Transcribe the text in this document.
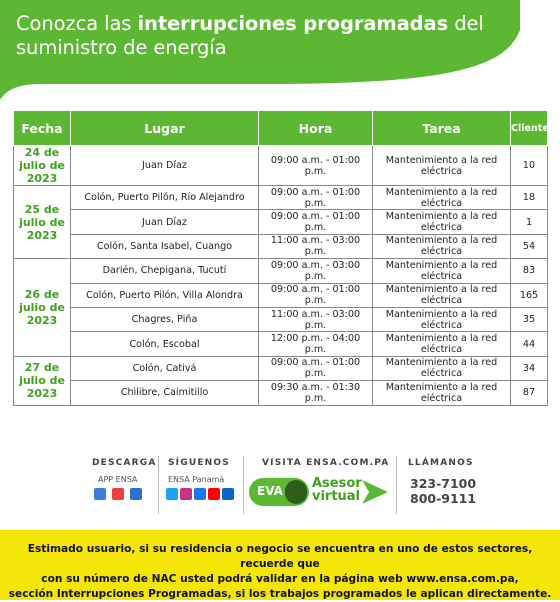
Conozca las interrupciones programadas del
suministro de energía
Fecha	Lugar	Hora	Tarea	Clientes
24 de julio de 2023	Juan Díaz	09:00 a.m. - 01:00 p.m.	Mantenimiento a la red eléctrica	10
25 de julio de 2023	Colón, Puerto Pilón, Río Alejandro	09:00 a.m. - 01:00 p.m.	Mantenimiento a la red eléctrica	18
	Juan Díaz	09:00 a.m. - 01:00 p.m.	Mantenimiento a la red eléctrica	1
	Colón, Santa Isabel, Cuango	11:00 a.m. - 03:00 p.m.	Mantenimiento a la red eléctrica	54
26 de julio de 2023	Darién, Chepigana, Tucutí	09:00 a.m. - 03:00 p.m.	Mantenimiento a la red eléctrica	83
	Colón, Puerto Pilón, Villa Alondra	09:00 a.m. - 01:00 p.m.	Mantenimiento a la red eléctrica	165
	Chagres, Piña	11:00 a.m. - 03:00 p.m.	Mantenimiento a la red eléctrica	35
	Colón, Escobal	12:00 p.m. - 04:00 p.m.	Mantenimiento a la red eléctrica	44
27 de julio de 2023	Colón, Cativá	09:00 a.m. - 01:00 p.m.	Mantenimiento a la red eléctrica	34
	Chilibre, Caimitillo	09:30 a.m. - 01:30 p.m.	Mantenimiento a la red eléctrica	87
DESCARGA
APP ENSA
SÍGUENOS
ENSA Panamá
VISITA ENSA.COM.PA
EVA Asesor
virtual
LLÁMANOS
323-7100
800-9111

Estimado usuario, si su residencia o negocio se encuentra en uno de estos sectores, recuerde que
con su número de NAC usted podrá validar en la página web www.ensa.com.pa,
sección Interrupciones Programadas, si los trabajos programados le aplican directamente.
